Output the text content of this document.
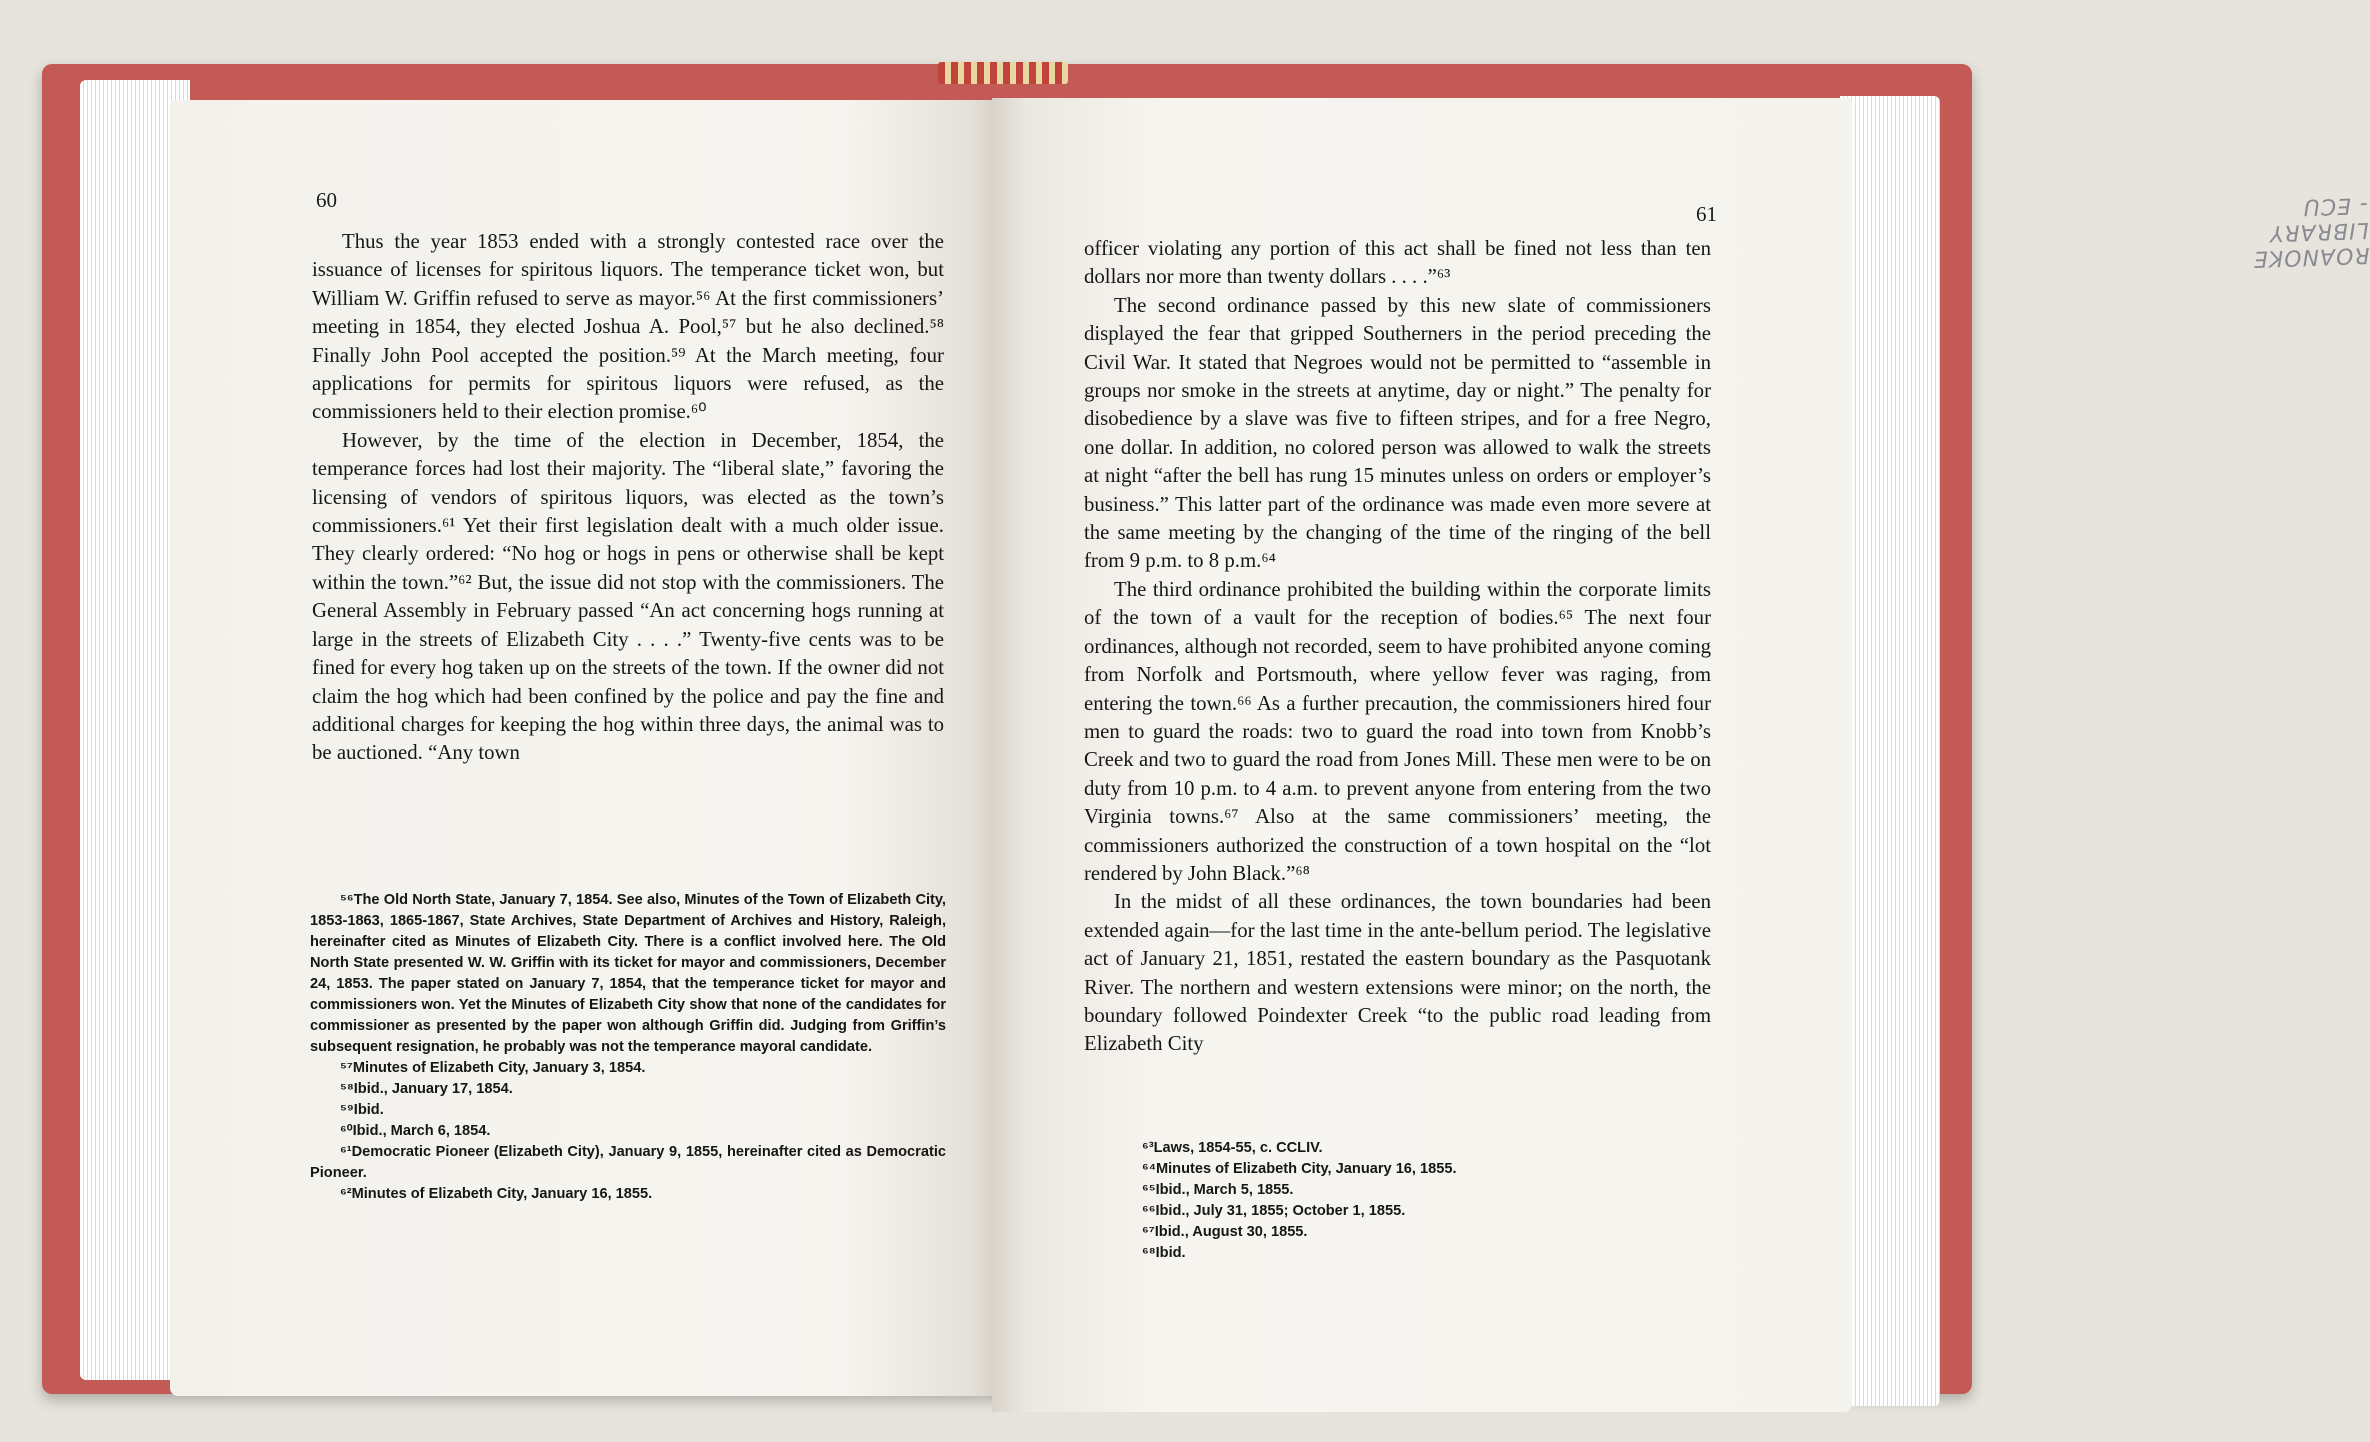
60

Thus the year 1853 ended with a strongly contested race over the issuance of licenses for spiritous liquors. The temperance ticket won, but William W. Griffin refused to serve as mayor.⁵⁶ At the first commissioners’ meeting in 1854, they elected Joshua A. Pool,⁵⁷ but he also declined.⁵⁸ Finally John Pool accepted the position.⁵⁹ At the March meeting, four applications for permits for spiritous liquors were refused, as the commissioners held to their election promise.⁶⁰

However, by the time of the election in December, 1854, the temperance forces had lost their majority. The “liberal slate,” favoring the licensing of vendors of spiritous liquors, was elected as the town’s commissioners.⁶¹ Yet their first legislation dealt with a much older issue. They clearly ordered: “No hog or hogs in pens or otherwise shall be kept within the town.”⁶² But, the issue did not stop with the commissioners. The General Assembly in February passed “An act concerning hogs running at large in the streets of Elizabeth City . . . .” Twenty-five cents was to be fined for every hog taken up on the streets of the town. If the owner did not claim the hog which had been confined by the police and pay the fine and additional charges for keeping the hog within three days, the animal was to be auctioned. “Any town

⁵⁶The Old North State, January 7, 1854. See also, Minutes of the Town of Elizabeth City, 1853-1863, 1865-1867, State Archives, State Department of Archives and History, Raleigh, hereinafter cited as Minutes of Elizabeth City. There is a conflict involved here. The Old North State presented W. W. Griffin with its ticket for mayor and commissioners, December 24, 1853. The paper stated on January 7, 1854, that the temperance ticket for mayor and commissioners won. Yet the Minutes of Elizabeth City show that none of the candidates for commissioner as presented by the paper won although Griffin did. Judging from Griffin’s subsequent resignation, he probably was not the temperance mayoral candidate.

⁵⁷Minutes of Elizabeth City, January 3, 1854.

⁵⁸Ibid., January 17, 1854.

⁵⁹Ibid.

⁶⁰Ibid., March 6, 1854.

⁶¹Democratic Pioneer (Elizabeth City), January 9, 1855, hereinafter cited as Democratic Pioneer.

⁶²Minutes of Elizabeth City, January 16, 1855.

ROANOKE LIBRARY - ECU
61

officer violating any portion of this act shall be fined not less than ten dollars nor more than twenty dollars . . . .”⁶³

The second ordinance passed by this new slate of commissioners displayed the fear that gripped Southerners in the period preceding the Civil War. It stated that Negroes would not be permitted to “assemble in groups nor smoke in the streets at anytime, day or night.” The penalty for disobedience by a slave was five to fifteen stripes, and for a free Negro, one dollar. In addition, no colored person was allowed to walk the streets at night “after the bell has rung 15 minutes unless on orders or employer’s business.” This latter part of the ordinance was made even more severe at the same meeting by the changing of the time of the ringing of the bell from 9 p.m. to 8 p.m.⁶⁴

The third ordinance prohibited the building within the corporate limits of the town of a vault for the reception of bodies.⁶⁵ The next four ordinances, although not recorded, seem to have prohibited anyone coming from Norfolk and Portsmouth, where yellow fever was raging, from entering the town.⁶⁶ As a further precaution, the commissioners hired four men to guard the roads: two to guard the road into town from Knobb’s Creek and two to guard the road from Jones Mill. These men were to be on duty from 10 p.m. to 4 a.m. to prevent anyone from entering from the two Virginia towns.⁶⁷ Also at the same commissioners’ meeting, the commissioners authorized the construction of a town hospital on the “lot rendered by John Black.”⁶⁸

In the midst of all these ordinances, the town boundaries had been extended again—for the last time in the ante-bellum period. The legislative act of January 21, 1851, restated the eastern boundary as the Pasquotank River. The northern and western extensions were minor; on the north, the boundary followed Poindexter Creek “to the public road leading from Elizabeth City

⁶³Laws, 1854-55, c. CCLIV.

⁶⁴Minutes of Elizabeth City, January 16, 1855.

⁶⁵Ibid., March 5, 1855.

⁶⁶Ibid., July 31, 1855; October 1, 1855.

⁶⁷Ibid., August 30, 1855.

⁶⁸Ibid.
